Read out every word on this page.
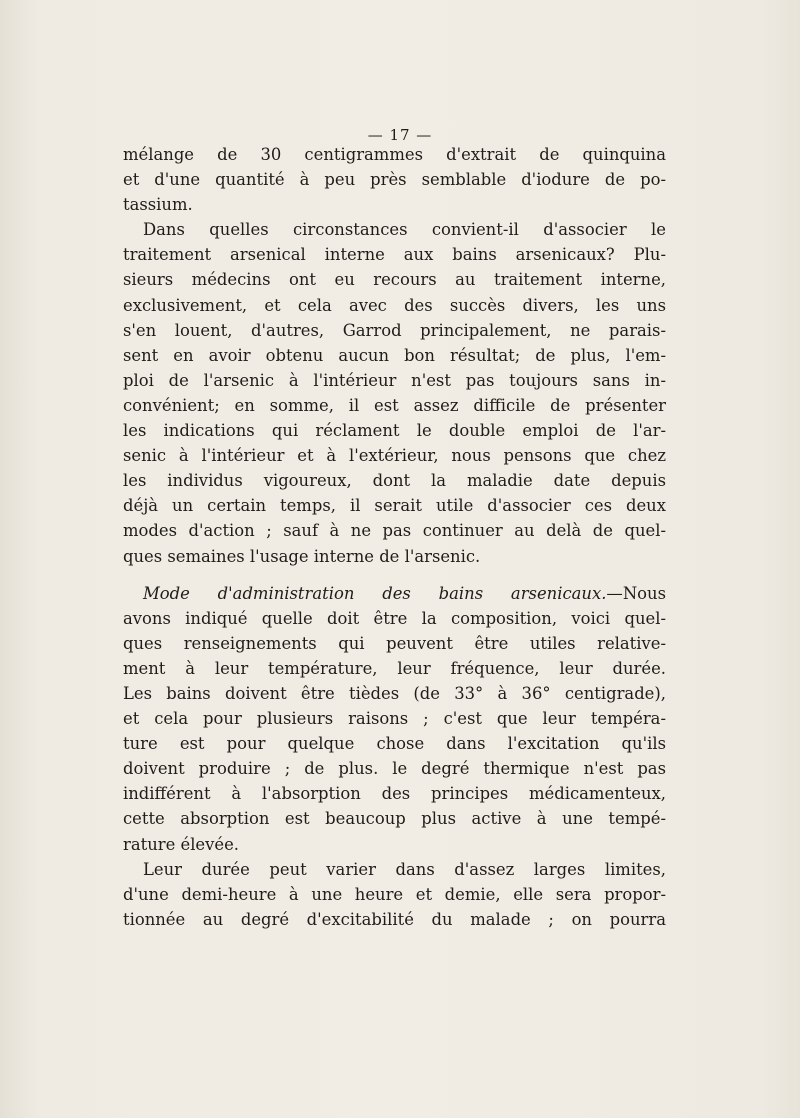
— 17 —

mélange de 30 centigrammes d'extrait de quinquina

et d'une quantité à peu près semblable d'iodure de po-

tassium.

Dans quelles circonstances convient-il d'associer le

traitement arsenical interne aux bains arsenicaux? Plu-

sieurs médecins ont eu recours au traitement interne,

exclusivement, et cela avec des succès divers, les uns

s'en louent, d'autres, Garrod principalement, ne parais-

sent en avoir obtenu aucun bon résultat; de plus, l'em-

ploi de l'arsenic à l'intérieur n'est pas toujours sans in-

convénient; en somme, il est assez difficile de présenter

les indications qui réclament le double emploi de l'ar-

senic à l'intérieur et à l'extérieur, nous pensons que chez

les individus vigoureux, dont la maladie date depuis

déjà un certain temps, il serait utile d'associer ces deux

modes d'action ; sauf à ne pas continuer au delà de quel-

ques semaines l'usage interne de l'arsenic.

Mode d'administration des bains arsenicaux.—Nous

avons indiqué quelle doit être la composition, voici quel-

ques renseignements qui peuvent être utiles relative-

ment à leur température, leur fréquence, leur durée.

Les bains doivent être tièdes (de 33° à 36° centigrade),

et cela pour plusieurs raisons ; c'est que leur tempéra-

ture est pour quelque chose dans l'excitation qu'ils

doivent produire ; de plus. le degré thermique n'est pas

indifférent à l'absorption des principes médicamenteux,

cette absorption est beaucoup plus active à une tempé-

rature élevée.

Leur durée peut varier dans d'assez larges limites,

d'une demi-heure à une heure et demie, elle sera propor-

tionnée au degré d'excitabilité du malade ; on pourra
